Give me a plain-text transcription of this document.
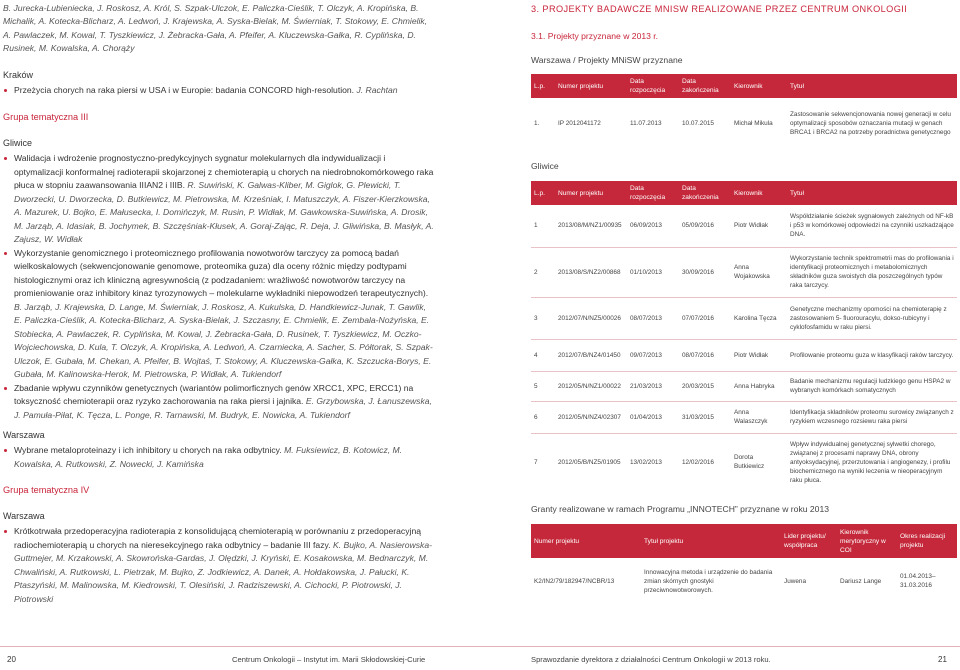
B. Jurecka-Lubieniecka, J. Roskosz, A. Król, S. Szpak-Ulczok, E. Paliczka-Cieślik, T. Olczyk, A. Kropińska, B. Michalik, A. Kotecka-Blicharz, A. Ledwoń, J. Krajewska, A. Syska-Bielak, M. Świerniak, T. Stokowy, E. Chmielik, A. Pawlaczek, M. Kowal, T. Tyszkiewicz, J. Żebracka-Gała, A. Pfeifer, A. Kluczewska-Gałka, R. Cyplińska, D. Rusinek, M. Kowalska, A. Chorąży
Kraków
Przeżycia chorych na raka piersi w USA i w Europie: badania CONCORD high-resolution. J. Rachtan
Grupa tematyczna III
Gliwice
Walidacja i wdrożenie prognostyczno-predykcyjnych sygnatur molekularnych dla indywidualizacji i optymalizacji konformalnej radioterapii skojarzonej z chemioterapią u chorych na niedrobnokomórkowego raka płuca w stopniu zaawansowania IIIAN2 i IIIB. R. Suwiński, K. Galwas-Kliber, M. Giglok, G. Plewicki, T. Dworzecki, U. Dworzecka, D. Butkiewicz, M. Pietrowska, M. Krześniak, I. Matuszczyk, A. Fiszer-Kierzkowska, A. Mazurek, U. Bojko, E. Małusecka, I. Domińczyk, M. Rusin, P. Widłak, M. Gawkowska-Suwińska, A. Drosik, M. Jarząb, A. Idasiak, B. Jochymek, B. Szczęśniak-Kłusek, A. Goraj-Zając, R. Deja, J. Gliwińska, B. Masłyk, A. Zajusz, W. Widłak
Wykorzystanie genomicznego i proteomicznego profilowania nowotworów tarczycy za pomocą badań wielkoskalowych (sekwencjonowanie genomowe, proteomika guza) dla oceny różnic między podtypami histologicznymi oraz ich kliniczną agresywnością (z podzadaniem: wrażliwość nowotworów tarczycy na promieniowanie oraz inhibitory kinaz tyrozynowych – molekularne wykładniki niepowodzeń terapeutycznych). B. Jarząb, J. Krajewska, D. Lange, M. Świerniak, J. Roskosz, A. Kukulska, D. Handkiewicz-Junak, T. Gawlik, E. Paliczka-Cieślik, A. Kotecka-Blicharz, A. Syska-Bielak, J. Szczasny, E. Chmielik, E. Zembala-Nożyńska, E. Stobiecka, A. Pawlaczek, R. Cyplińska, M. Kowal, J. Żebracka-Gała, D. Rusinek, T. Tyszkiewicz, M. Oczko-Wojciechowska, D. Kula, T. Olczyk, A. Kropińska, A. Ledwoń, A. Czarniecka, A. Sacher, S. Półtorak, S. Szpak-Ulczok, E. Gubała, M. Chekan, A. Pfeifer, B. Wojtaś, T. Stokowy, A. Kluczewska-Gałka, K. Szczucka-Borys, E. Gubała, M. Kalinowska-Herok, M. Pietrowska, P. Widłak, A. Tukiendorf
Zbadanie wpływu czynników genetycznych (wariantów polimorficznych genów XRCC1, XPC, ERCC1) na toksyczność chemioterapii oraz ryzyko zachorowania na raka piersi i jajnika. E. Grzybowska, J. Łanuszewska, J. Pamuła-Piłat, K. Tęcza, L. Ponge, R. Tarnawski, M. Budryk, E. Nowicka, A. Tukiendorf
Warszawa
Wybrane metaloproteinazy i ich inhibitory u chorych na raka odbytnicy. M. Fuksiewicz, B. Kotowicz, M. Kowalska, A. Rutkowski, Z. Nowecki, J. Kamińska
Grupa tematyczna IV
Warszawa
Krótkotrwała przedoperacyjna radioterapia z konsolidującą chemioterapią w porównaniu z przedoperacyjną radiochemioterapią u chorych na nieresekcyjnego raka odbytnicy – badanie III fazy. K. Bujko, A. Nasierowska-Guttmejer, M. Krzakowski, A. Skowrońska-Gardas, J. Olędzki, J. Kryński, E. Kosakowska, M. Bednarczyk, M. Chwaliński, A. Rutkowski, L. Pietrzak, M. Bujko, Z. Jodkiewicz, A. Danek, A. Hołdakowska, J. Pałucki, K. Ptaszyński, M. Malinowska, M. Kiedrowski, T. Olesiński, J. Radziszewski, A. Cichocki, P. Piotrowski, J. Piotrowski
3. PROJEKTY BADAWCZE MNISW REALIZOWANE PRZEZ CENTRUM ONKOLOGII
3.1. Projekty przyznane w 2013 r.
Warszawa / Projekty MNiSW przyznane
L.p.	Numer projektu	Data rozpoczęcia	Data zakończenia	Kierownik	Tytuł
1.	IP 2012041172	11.07.2013	10.07.2015	Michał Mikula	Zastosowanie sekwencjonowania nowej generacji w celu optymalizacji sposobów oznaczania mutacji w genach BRCA1 i BRCA2 na potrzeby poradnictwa genetycznego
Gliwice
L.p.	Numer projektu	Data rozpoczęcia	Data zakończenia	Kierownik	Tytuł
1	2013/08/M/NZ1/00935	06/09/2013	05/09/2016	Piotr Widłak	Współdziałanie ścieżek sygnałowych zależnych od NF-kB i p53 w komórkowej odpowiedzi na czynniki uszkadzające DNA.
2	2013/08/S/NZ2/00868	01/10/2013	30/09/2016	Anna Wojakowska	Wykorzystanie technik spektrometrii mas do profilowania i identyfikacji proteomicznych i metabolomicznych składników guza swoistych dla poszczególnych typów raka tarczycy.
3	2012/07/N/NZ5/00026	08/07/2013	07/07/2016	Karolina Tęcza	Genetyczne mechanizmy opomości na chemioterapię z zastosowaniem 5- fluorouracylu, dokso-rubicyny i cyklofosfamidu w raku piersi.
4	2012/07/B/NZ4/01450	09/07/2013	08/07/2016	Piotr Widłak	Profilowanie proteomu guza w klasyfikacji raków tarczycy.
5	2012/05/N/NZ1/00022	21/03/2013	20/03/2015	Anna Habryka	Badanie mechanizmu regulacji ludzkiego genu HSPA2 w wybranych komórkach somatycznych
6	2012/05/N/NZ4/02307	01/04/2013	31/03/2015	Anna Walaszczyk	Identyfikacja składników proteomu surowicy związanych z ryzykiem wczesnego rozsiewu raka piersi
7	2012/05/B/NZ5/01905	13/02/2013	12/02/2016	Dorota Butkiewicz	Wpływ indywidualnej genetycznej sylwetki chorego, związanej z procesami naprawy DNA, obrony antyoksydacyjnej, przerzutowania i angiogenezy, i profilu biochemicznego na wyniki leczenia w nieoperacyjnym raku płuca.
Granty realizowane w ramach Programu „INNOTECH” przyznane w roku 2013
Numer projektu	Tytuł projektu	Lider projektu/ współpraca	Kierownik merytoryczny w COI	Okres realizacji projektu
K2/IN2/79/182947/NCBR/13	Innowacyjna metoda i urządzenie do badania zmian skórnych gnostyki przeciwnowotworowych.	Juwena	Dariusz Lange	01.04.2013–31.03.2016
20	Centrum Onkologii – Instytut im. Marii Skłodowskiej-Curie	Sprawozdanie dyrektora z działalności Centrum Onkologii w 2013 roku.	21
